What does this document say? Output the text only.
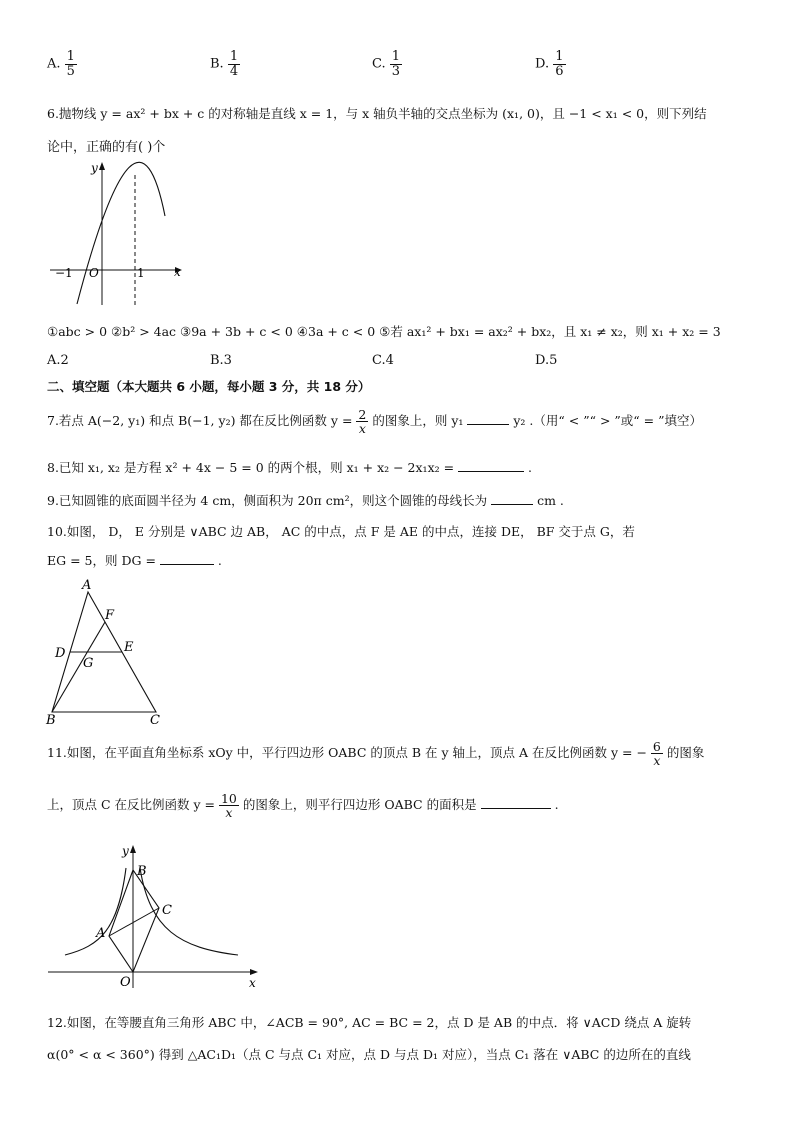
A. $\frac{1}{5}$	B. $\frac{1}{4}$	C. $\frac{1}{3}$	D. $\frac{1}{6}$
6.抛物线 y = ax² + bx + c 的对称轴是直线 x = 1，与 x 轴负半轴的交点坐标为 (x₁, 0)，且 −1 < x₁ < 0，则下列结
论中，正确的有( )个
y
x
−1 O	1
①abc > 0 ②b² > 4ac ③9a + 3b + c < 0 ④3a + c < 0 ⑤若 ax₁² + bx₁ = ax₂² + bx₂，且 x₁ ≠ x₂，则 x₁ + x₂ = 3
A.2	B.3	C.4	D.5
二、填空题（本大题共 6 小题，每小题 3 分，共 18 分）
7.若点 A(−2, y₁) 和点 B(−1, y₂) 都在反比例函数 $y = \frac{2}{x}$ 的图象上，则 y₁	y₂ .（用“ < ”“ > ”或“ = ”填空）
8.已知 x₁, x₂ 是方程 x² + 4x − 5 = 0 的两个根，则 x₁ + x₂ − 2x₁x₂ =	.
9.已知圆锥的底面圆半径为 4 cm，侧面积为 20π cm²，则这个圆锥的母线长为	cm .
10.如图， D， E 分别是 ∨ABC 边 AB， AC 的中点，点 F 是 AE 的中点，连接 DE， BF 交于点 G，若
EG = 5，则 DG =	.
A
B	C
D	E
F
G
11.如图，在平面直角坐标系 xOy 中，平行四边形 OABC 的顶点 B 在 y 轴上，顶点 A 在反比例函数 y = − $\frac{6}{x}$ 的图象
上，顶点 C 在反比例函数 $y = \frac{10}{x}$ 的图象上，则平行四边形 OABC 的面积是	.
y
x
O
A
B
C
12.如图，在等腰直角三角形 ABC 中，∠ACB = 90°, AC = BC = 2，点 D 是 AB 的中点．将 ∨ACD 绕点 A 旋转
α(0° < α < 360°) 得到 △AC₁D₁（点 C 与点 C₁ 对应，点 D 与点 D₁ 对应），当点 C₁ 落在 ∨ABC 的边所在的直线
